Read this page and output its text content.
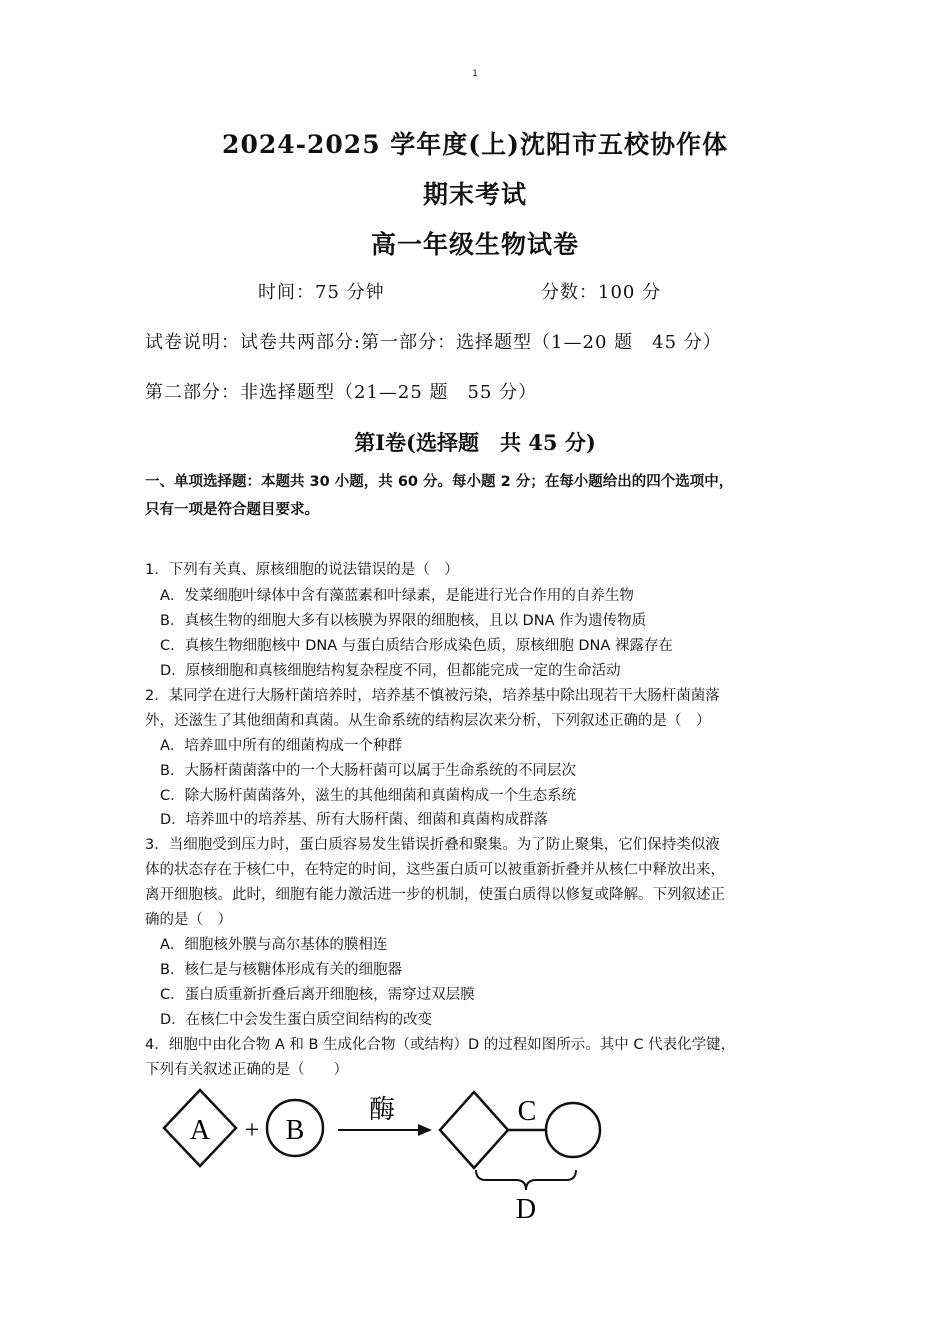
1
2024-2025 学年度(上)沈阳市五校协作体
期末考试
高一年级生物试卷
时间：75 分钟	分数：100 分
试卷说明：试卷共两部分:第一部分：选择题型（1—20 题　45 分）
第二部分：非选择题型（21—25 题　55 分）
第Ⅰ卷(选择题　共 45 分)
一、单项选择题：本题共 30 小题，共 60 分。每小题 2 分；在每小题给出的四个选项中，
只有一项是符合题目要求。
1．下列有关真、原核细胞的说法错误的是（　）
A．发菜细胞叶绿体中含有藻蓝素和叶绿素，是能进行光合作用的自养生物
B．真核生物的细胞大多有以核膜为界限的细胞核，且以 DNA 作为遗传物质
C．真核生物细胞核中 DNA 与蛋白质结合形成染色质，原核细胞 DNA 裸露存在
D．原核细胞和真核细胞结构复杂程度不同，但都能完成一定的生命活动
2．某同学在进行大肠杆菌培养时，培养基不慎被污染，培养基中除出现若干大肠杆菌菌落
外，还滋生了其他细菌和真菌。从生命系统的结构层次来分析，下列叙述正确的是（　）
A．培养皿中所有的细菌构成一个种群
B．大肠杆菌菌落中的一个大肠杆菌可以属于生命系统的不同层次
C．除大肠杆菌菌落外，滋生的其他细菌和真菌构成一个生态系统
D．培养皿中的培养基、所有大肠杆菌、细菌和真菌构成群落
3．当细胞受到压力时，蛋白质容易发生错误折叠和聚集。为了防止聚集，它们保持类似液
体的状态存在于核仁中，在特定的时间，这些蛋白质可以被重新折叠并从核仁中释放出来，
离开细胞核。此时，细胞有能力激活进一步的机制，使蛋白质得以修复或降解。下列叙述正
确的是（　）
A．细胞核外膜与高尔基体的膜相连
B．核仁是与核糖体形成有关的细胞器
C．蛋白质重新折叠后离开细胞核，需穿过双层膜
D．在核仁中会发生蛋白质空间结构的改变
4．细胞中由化合物 A 和 B 生成化合物（或结构）D 的过程如图所示。其中 C 代表化学键，
下列有关叙述正确的是（　　）
A + B
酶	C
D
